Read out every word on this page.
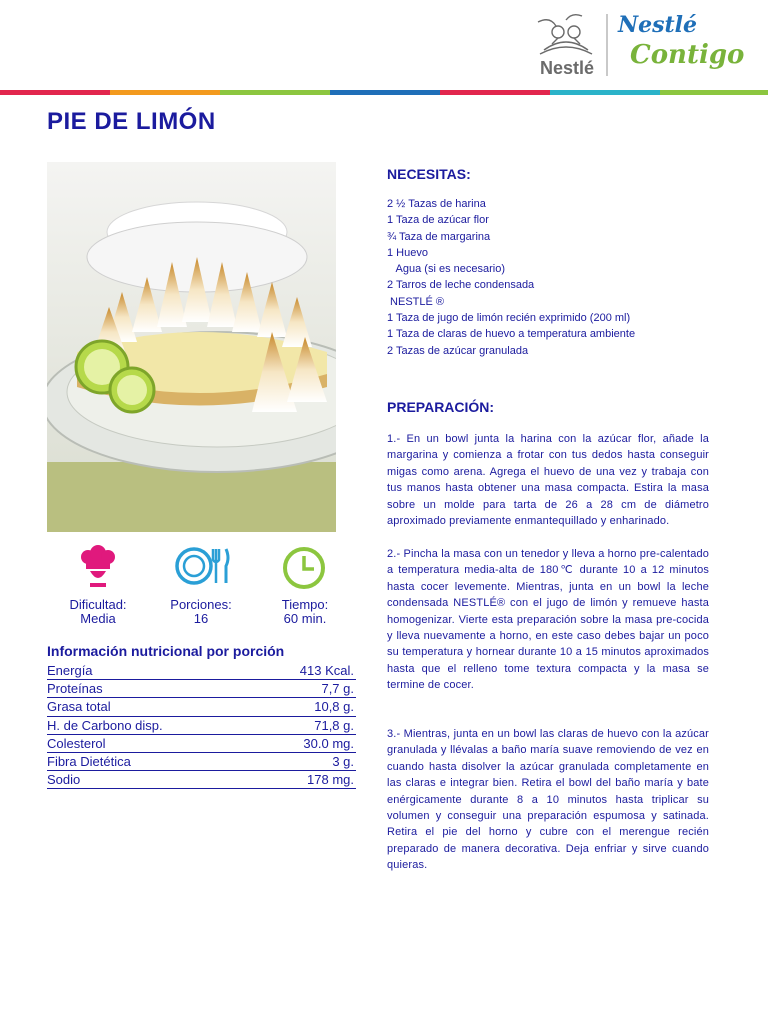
Nestlé
Nestlé
Contigo
PIE DE LIMÓN
Dificultad:
Media
Porciones:
16
Tiempo:
60 min.
Información nutricional por porción
Energía	413 Kcal.
Proteínas	7,7 g.
Grasa total	10,8 g.
H. de Carbono disp.	71,8 g.
Colesterol	30.0 mg.
Fibra Dietética	3 g.
Sodio	178 mg.
NECESITAS:
2 ½ Tazas de harina
1 Taza de azúcar flor
¾ Taza de margarina
1 Huevo
Agua (si es necesario)
2 Tarros de leche condensada
NESTLÉ ®
1 Taza de jugo de limón recién exprimido (200 ml)
1 Taza de claras de huevo a temperatura ambiente
2 Tazas de azúcar granulada
PREPARACIÓN:
1.- En un bowl junta la harina con la azúcar flor, añade la margarina y comienza a frotar con tus dedos hasta conseguir migas como arena. Agrega el huevo de una vez y trabaja con tus manos hasta obtener una masa compacta. Estira la masa sobre un molde para tarta de 26 a 28 cm de diámetro aproximado previamente enmantequillado y enharinado.
2.- Pincha la masa con un tenedor y lleva a horno pre-calentado a temperatura media-alta de 180℃ durante 10 a 12 minutos hasta cocer levemente. Mientras, junta en un bowl la leche condensada NESTLÉ® con el jugo de limón y remueve hasta homogenizar. Vierte esta preparación sobre la masa pre-cocida y lleva nuevamente a horno, en este caso debes bajar un poco su temperatura y hornear durante 10 a 15 minutos aproximados hasta que el relleno tome textura compacta y la masa se termine de cocer.
3.- Mientras, junta en un bowl las claras de huevo con la azúcar granulada y llévalas a baño maría suave removiendo de vez en cuando hasta disolver la azúcar granulada completamente en las claras e integrar bien. Retira el bowl del baño maría y bate enérgicamente durante 8 a 10 minutos hasta triplicar su volumen y conseguir una preparación espumosa y satinada. Retira el pie del horno y cubre con el merengue recién preparado de manera decorativa. Deja enfriar y sirve cuando quieras.
